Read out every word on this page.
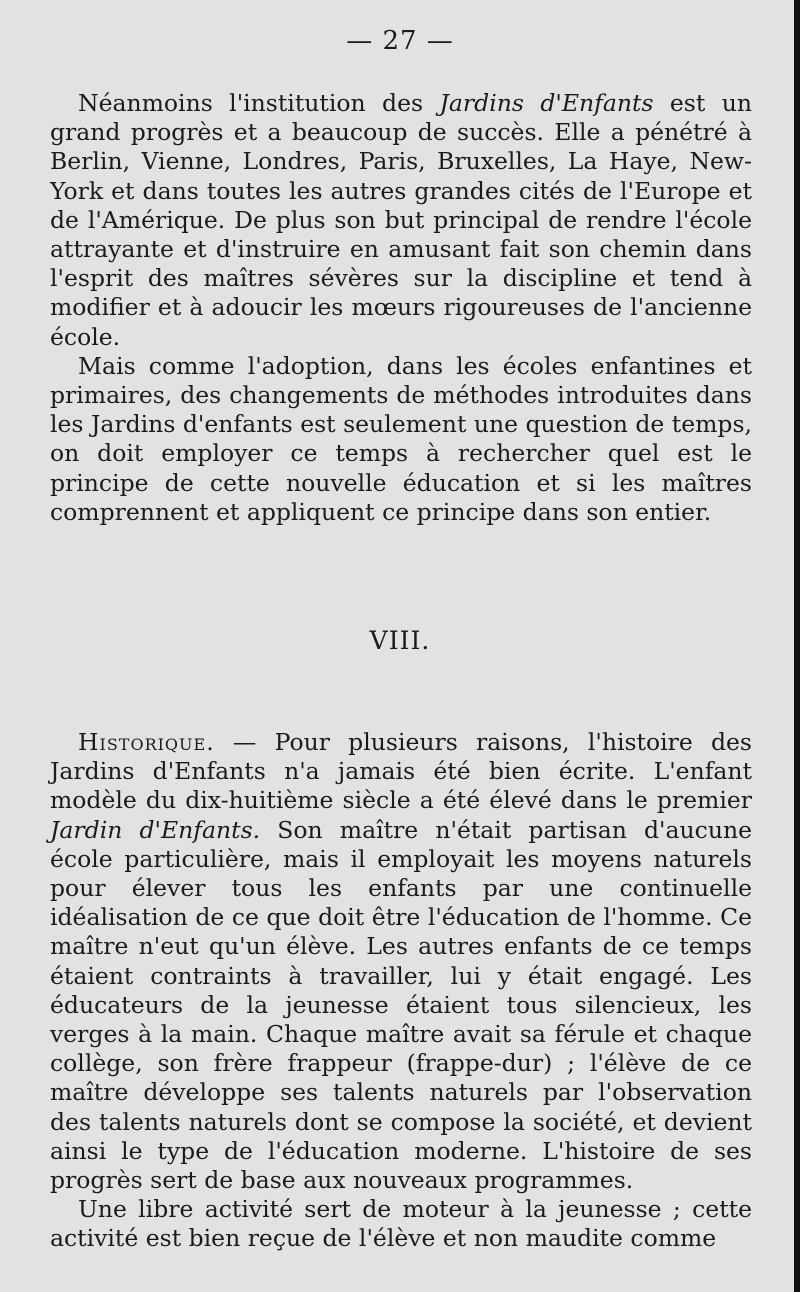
— 27 —

Néanmoins l'institution des Jardins d'Enfants est un grand progrès et a beaucoup de succès. Elle a pénétré à Berlin, Vienne, Londres, Paris, Bruxelles, La Haye, New-York et dans toutes les autres grandes cités de l'Europe et de l'Amérique. De plus son but principal de rendre l'école attrayante et d'instruire en amusant fait son chemin dans l'esprit des maîtres sévères sur la discipline et tend à modifier et à adoucir les mœurs rigoureuses de l'ancienne école.

Mais comme l'adoption, dans les écoles enfantines et primaires, des changements de méthodes introduites dans les Jardins d'enfants est seulement une question de temps, on doit employer ce temps à rechercher quel est le principe de cette nouvelle éducation et si les maîtres comprennent et appliquent ce principe dans son entier.

VIII.

Historique. — Pour plusieurs raisons, l'histoire des Jardins d'Enfants n'a jamais été bien écrite. L'enfant modèle du dix-huitième siècle a été élevé dans le premier Jardin d'Enfants. Son maître n'était partisan d'aucune école particulière, mais il employait les moyens naturels pour élever tous les enfants par une continuelle idéalisation de ce que doit être l'éducation de l'homme. Ce maître n'eut qu'un élève. Les autres enfants de ce temps étaient contraints à travailler, lui y était engagé. Les éducateurs de la jeunesse étaient tous silencieux, les verges à la main. Chaque maître avait sa férule et chaque collège, son frère frappeur (frappe-dur) ; l'élève de ce maître développe ses talents naturels par l'observation des talents naturels dont se compose la société, et devient ainsi le type de l'éducation moderne. L'histoire de ses progrès sert de base aux nouveaux programmes.

Une libre activité sert de moteur à la jeunesse ; cette activité est bien reçue de l'élève et non maudite comme
